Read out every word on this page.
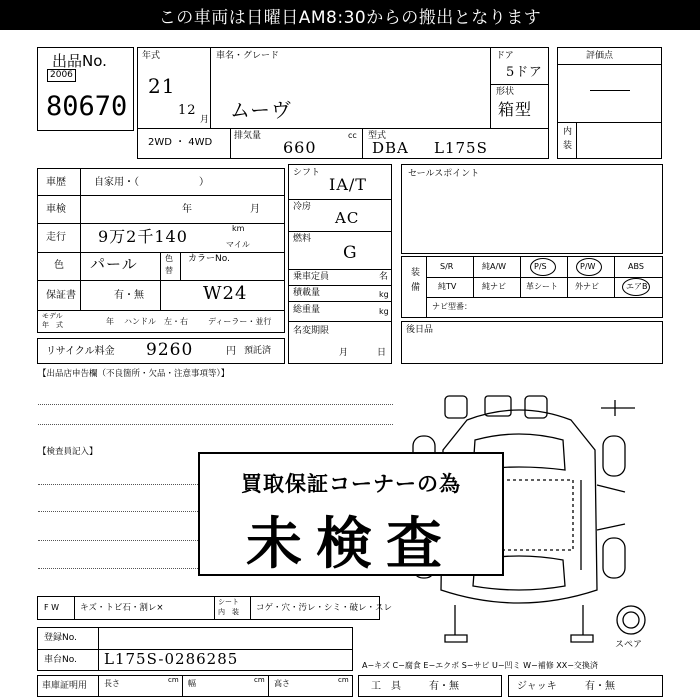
この車両は日曜日AM8:30からの搬出となります
出品No.
2006
80670
年式
21
12
月
車名・グレード
ムーヴ
ドア
5ドア
形状
箱型
2WD ・ 4WD
排気量	cc
660
型式
DBA L175S
評価点
内
装
車歴	自家用・（　　　　　　）
車検	年	月
走行 9万2千140	km
マイル
色 パール	色
替
カラーNo.
保証書	有・無	W24
モデル
年　式	年 ハンドル　左・右	ディーラー・並行
リサイクル料金 9260	円 預託済
シフト
IA/T
冷房
AC
燃料
G
乗車定員	名
積載量	kg
総重量	kg
名変期限
月	日
セールスポイント
装備
S/R	純A/W	P/S	P/W	ABS
純TV	純ナビ	革シート 外ナビ	エアB
ナビ型番：
後日品
【出品店申告欄（不良箇所・欠品・注意事項等）】
【検査員記入】
スペア
買取保証コーナーの為
未検査
F W キズ・トビ石・割レ×
シート
内　装 コゲ・穴・汚レ・シミ・破レ・スレ
登録No.
車台No. L175S-0286285
車庫証明用 長さ	cm 幅	cm 高さ	cm
A−キズ C−腐食 E−エクボ S−サビ U−凹ミ W−補修 XX−交換済
工　具	有・無	ジャッキ	有・無
